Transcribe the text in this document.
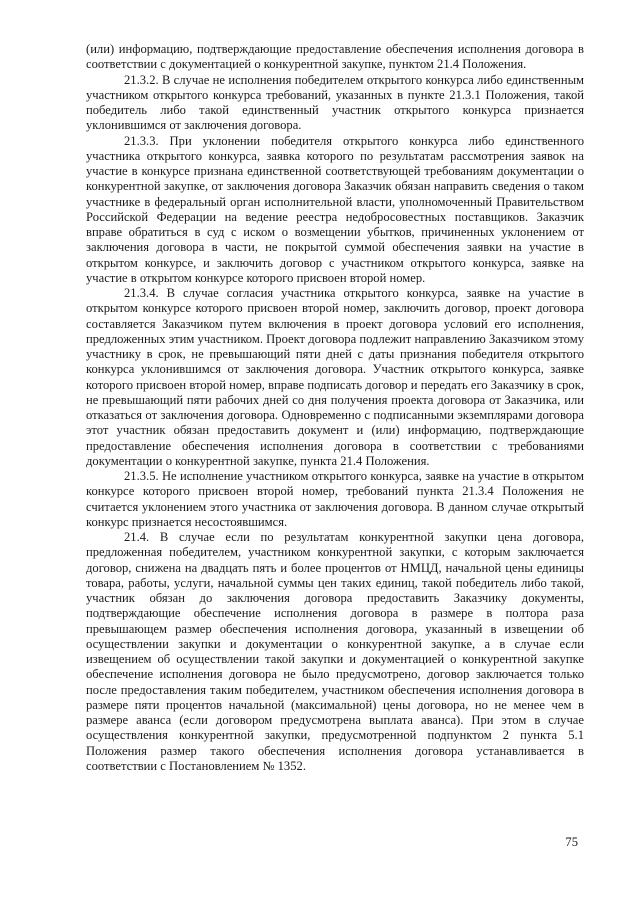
(или) информацию, подтверждающие предоставление обеспечения исполнения договора в соответствии с документацией о конкурентной закупке, пунктом 21.4 Положения.

21.3.2. В случае не исполнения победителем открытого конкурса либо единственным участником открытого конкурса требований, указанных в пункте 21.3.1 Положения, такой победитель либо такой единственный участник открытого конкурса признается уклонившимся от заключения договора.

21.3.3. При уклонении победителя открытого конкурса либо единственного участника открытого конкурса, заявка которого по результатам рассмотрения заявок на участие в конкурсе признана единственной соответствующей требованиям документации о конкурентной закупке, от заключения договора Заказчик обязан направить сведения о таком участнике в федеральный орган исполнительной власти, уполномоченный Правительством Российской Федерации на ведение реестра недобросовестных поставщиков. Заказчик вправе обратиться в суд с иском о возмещении убытков, причиненных уклонением от заключения договора в части, не покрытой суммой обеспечения заявки на участие в открытом конкурсе, и заключить договор с участником открытого конкурса, заявке на участие в открытом конкурсе которого присвоен второй номер.

21.3.4. В случае согласия участника открытого конкурса, заявке на участие в открытом конкурсе которого присвоен второй номер, заключить договор, проект договора составляется Заказчиком путем включения в проект договора условий его исполнения, предложенных этим участником. Проект договора подлежит направлению Заказчиком этому участнику в срок, не превышающий пяти дней с даты признания победителя открытого конкурса уклонившимся от заключения договора. Участник открытого конкурса, заявке которого присвоен второй номер, вправе подписать договор и передать его Заказчику в срок, не превышающий пяти рабочих дней со дня получения проекта договора от Заказчика, или отказаться от заключения договора. Одновременно с подписанными экземплярами договора этот участник обязан предоставить документ и (или) информацию, подтверждающие предоставление обеспечения исполнения договора в соответствии с требованиями документации о конкурентной закупке, пункта 21.4 Положения.

21.3.5. Не исполнение участником открытого конкурса, заявке на участие в открытом конкурсе которого присвоен второй номер, требований пункта 21.3.4 Положения не считается уклонением этого участника от заключения договора. В данном случае открытый конкурс признается несостоявшимся.

21.4. В случае если по результатам конкурентной закупки цена договора, предложенная победителем, участником конкурентной закупки, с которым заключается договор, снижена на двадцать пять и более процентов от НМЦД, начальной цены единицы товара, работы, услуги, начальной суммы цен таких единиц, такой победитель либо такой, участник обязан до заключения договора предоставить Заказчику документы, подтверждающие обеспечение исполнения договора в размере в полтора раза превышающем размер обеспечения исполнения договора, указанный в извещении об осуществлении закупки и документации о конкурентной закупке, а в случае если извещением об осуществлении такой закупки и документацией о конкурентной закупке обеспечение исполнения договора не было предусмотрено, договор заключается только после предоставления таким победителем, участником обеспечения исполнения договора в размере пяти процентов начальной (максимальной) цены договора, но не менее чем в размере аванса (если договором предусмотрена выплата аванса). При этом в случае осуществления конкурентной закупки, предусмотренной подпунктом 2 пункта 5.1 Положения размер такого обеспечения исполнения договора устанавливается в соответствии с Постановлением № 1352.

75
